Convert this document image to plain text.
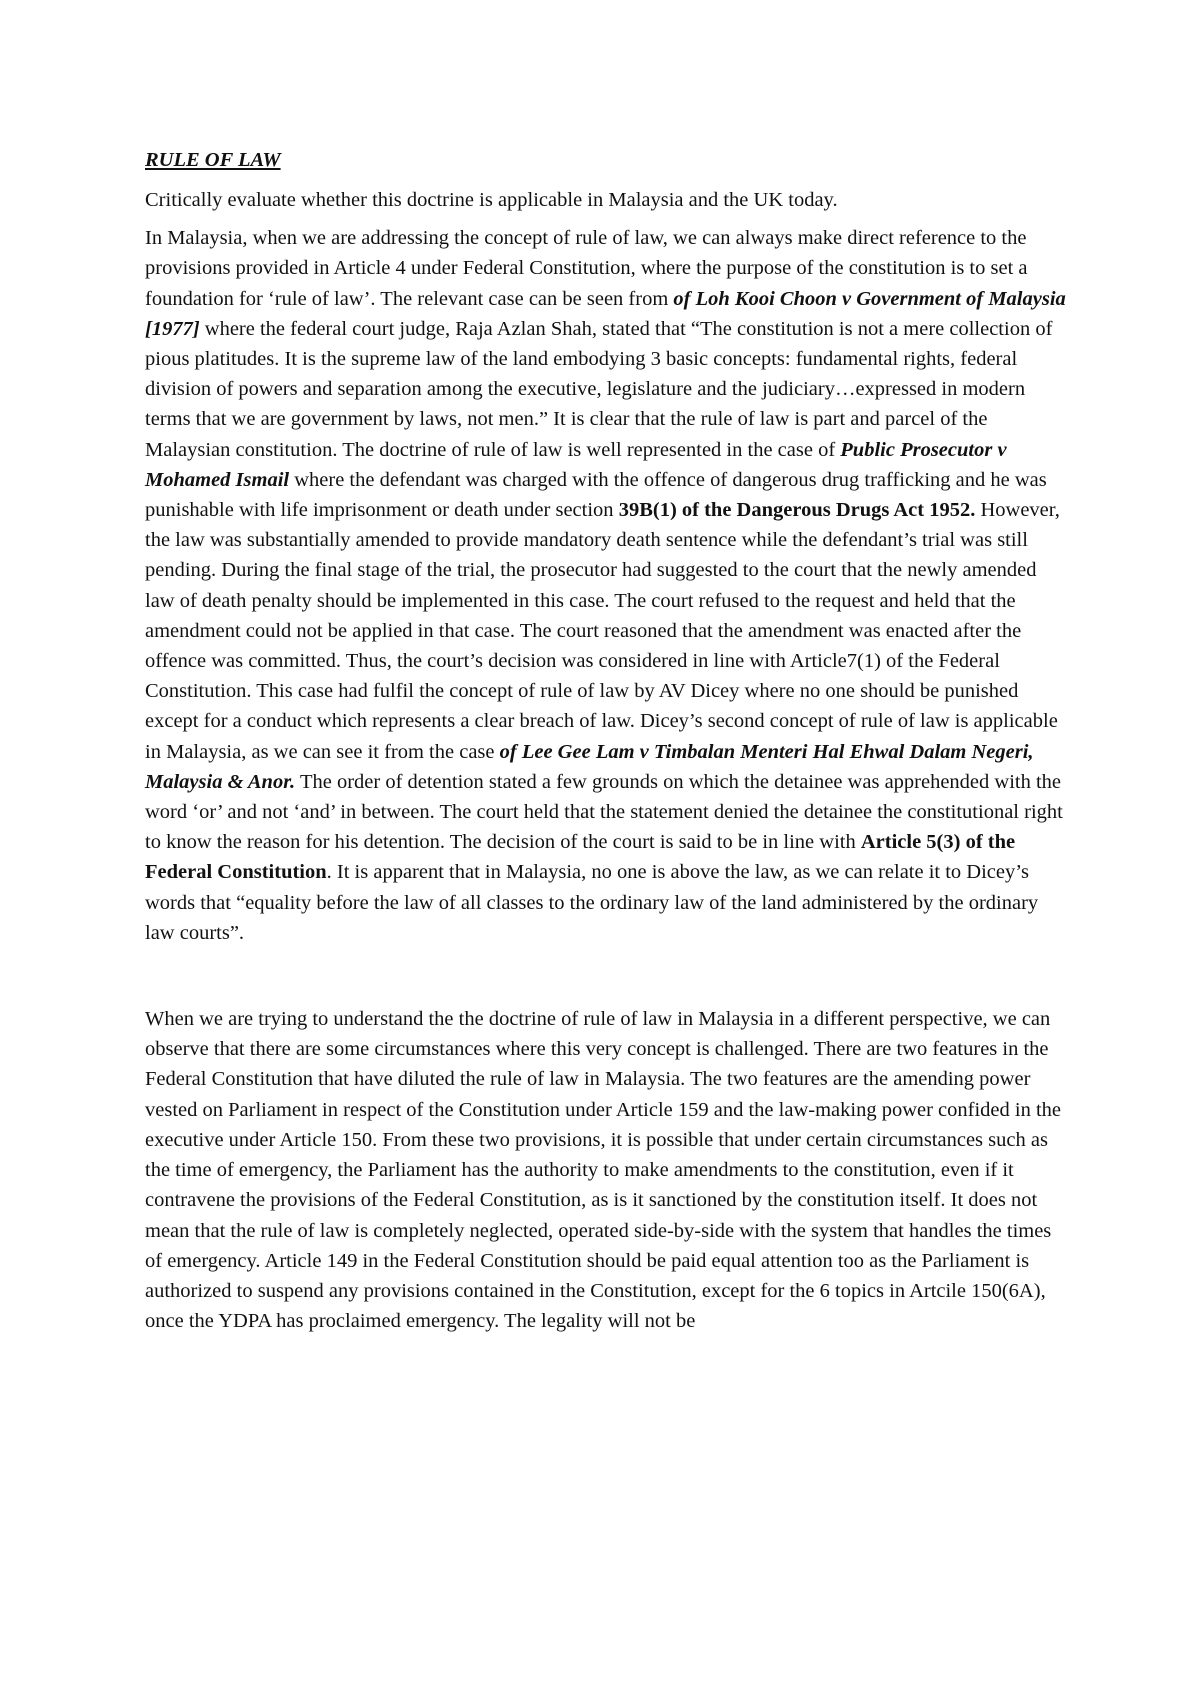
RULE OF LAW

Critically evaluate whether this doctrine is applicable in Malaysia and the UK today.

In Malaysia, when we are addressing the concept of rule of law, we can always make direct reference to the provisions provided in Article 4 under Federal Constitution, where the purpose of the constitution is to set a foundation for ‘rule of law’. The relevant case can be seen from of Loh Kooi Choon v Government of Malaysia [1977] where the federal court judge, Raja Azlan Shah, stated that “The constitution is not a mere collection of pious platitudes. It is the supreme law of the land embodying 3 basic concepts: fundamental rights, federal division of powers and separation among the executive, legislature and the judiciary…expressed in modern terms that we are government by laws, not men.” It is clear that the rule of law is part and parcel of the Malaysian constitution. The doctrine of rule of law is well represented in the case of Public Prosecutor v Mohamed Ismail where the defendant was charged with the offence of dangerous drug trafficking and he was punishable with life imprisonment or death under section 39B(1) of the Dangerous Drugs Act 1952. However, the law was substantially amended to provide mandatory death sentence while the defendant’s trial was still pending. During the final stage of the trial, the prosecutor had suggested to the court that the newly amended law of death penalty should be implemented in this case. The court refused to the request and held that the amendment could not be applied in that case. The court reasoned that the amendment was enacted after the offence was committed. Thus, the court’s decision was considered in line with Article7(1) of the Federal Constitution. This case had fulfil the concept of rule of law by AV Dicey where no one should be punished except for a conduct which represents a clear breach of law. Dicey’s second concept of rule of law is applicable in Malaysia, as we can see it from the case of Lee Gee Lam v Timbalan Menteri Hal Ehwal Dalam Negeri, Malaysia & Anor. The order of detention stated a few grounds on which the detainee was apprehended with the word ‘or’ and not ‘and’ in between. The court held that the statement denied the detainee the constitutional right to know the reason for his detention. The decision of the court is said to be in line with Article 5(3) of the Federal Constitution. It is apparent that in Malaysia, no one is above the law, as we can relate it to Dicey’s words that “equality before the law of all classes to the ordinary law of the land administered by the ordinary law courts”.

When we are trying to understand the the doctrine of rule of law in Malaysia in a different perspective, we can observe that there are some circumstances where this very concept is challenged. There are two features in the Federal Constitution that have diluted the rule of law in Malaysia. The two features are the amending power vested on Parliament in respect of the Constitution under Article 159 and the law-making power confided in the executive under Article 150. From these two provisions, it is possible that under certain circumstances such as the time of emergency, the Parliament has the authority to make amendments to the constitution, even if it contravene the provisions of the Federal Constitution, as is it sanctioned by the constitution itself. It does not mean that the rule of law is completely neglected, operated side-by-side with the system that handles the times of emergency. Article 149 in the Federal Constitution should be paid equal attention too as the Parliament is authorized to suspend any provisions contained in the Constitution, except for the 6 topics in Artcile 150(6A), once the YDPA has proclaimed emergency. The legality will not be
